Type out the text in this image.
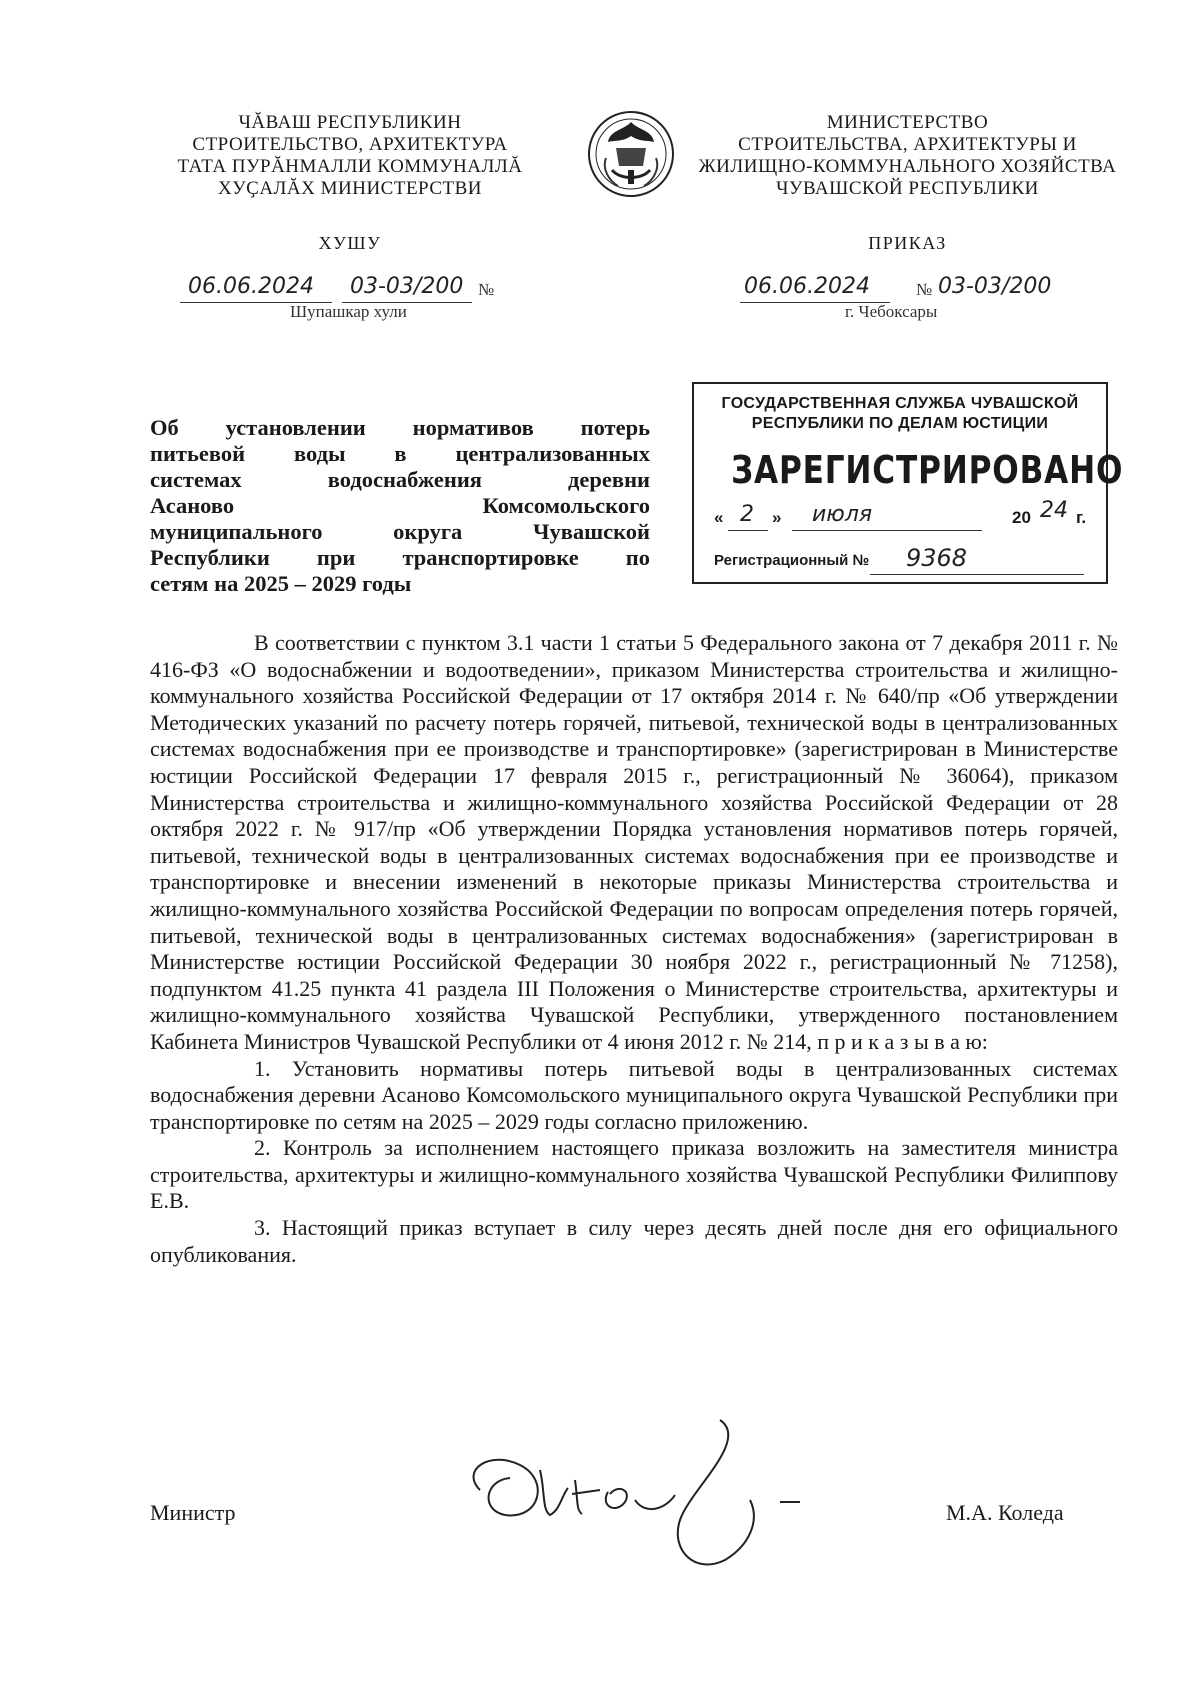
ЧĂВАШ РЕСПУБЛИКИН
СТРОИТЕЛЬСТВО, АРХИТЕКТУРА
ТАТА ПУРĂНМАЛЛИ КОММУНАЛЛĂ
ХУҪАЛĂХ МИНИСТЕРСТВИ
ХУШУ
06.06.2024 03-03/200 №
Шупашкар хули
МИНИСТЕРСТВО
СТРОИТЕЛЬСТВА, АРХИТЕКТУРЫ И
ЖИЛИЩНО-КОММУНАЛЬНОГО ХОЗЯЙСТВА
ЧУВАШСКОЙ РЕСПУБЛИКИ
ПРИКАЗ
06.06.2024	№ 03-03/200
г. Чебоксары
Об установлении нормативов потерь
питьевой воды в централизованных
системах водоснабжения деревни
Асаново Комсомольского
муниципального округа Чувашской
Республики при транспортировке по
сетям на 2025 – 2029 годы
ГОСУДАРСТВЕННАЯ СЛУЖБА ЧУВАШСКОЙ
РЕСПУБЛИКИ ПО ДЕЛАМ ЮСТИЦИИ
ЗАРЕГИСТРИРОВАНО
« 2 » июля	20 24 г.
Регистрационный № 9368

В соответствии с пунктом 3.1 части 1 статьи 5 Федерального закона от 7 декабря 2011 г. № 416-ФЗ «О водоснабжении и водоотведении», приказом Министерства строительства и жилищно-коммунального хозяйства Российской Федерации от 17 октября 2014 г. № 640/пр «Об утверждении Методических указаний по расчету потерь горячей, питьевой, технической воды в централизованных системах водоснабжения при ее производстве и транспортировке» (зарегистрирован в Министерстве юстиции Российской Федерации 17 февраля 2015 г., регистрационный № 36064), приказом Министерства строительства и жилищно-коммунального хозяйства Российской Федерации от 28 октября 2022 г. № 917/пр «Об утверждении Порядка установления нормативов потерь горячей, питьевой, технической воды в централизованных системах водоснабжения при ее производстве и транспортировке и внесении изменений в некоторые приказы Министерства строительства и жилищно-коммунального хозяйства Российской Федерации по вопросам определения потерь горячей, питьевой, технической воды в централизованных системах водоснабжения» (зарегистрирован в Министерстве юстиции Российской Федерации 30 ноября 2022 г., регистрационный № 71258), подпунктом 41.25 пункта 41 раздела III Положения о Министерстве строительства, архитектуры и жилищно-коммунального хозяйства Чувашской Республики, утвержденного постановлением Кабинета Министров Чувашской Республики от 4 июня 2012 г. № 214, п р и к а з ы в а ю:

1. Установить нормативы потерь питьевой воды в централизованных системах водоснабжения деревни Асаново Комсомольского муниципального округа Чувашской Республики при транспортировке по сетям на 2025 – 2029 годы согласно приложению.

2. Контроль за исполнением настоящего приказа возложить на заместителя министра строительства, архитектуры и жилищно-коммунального хозяйства Чувашской Республики Филиппову Е.В.

3. Настоящий приказ вступает в силу через десять дней после дня его официального опубликования.

Министр	М.А. Коледа
